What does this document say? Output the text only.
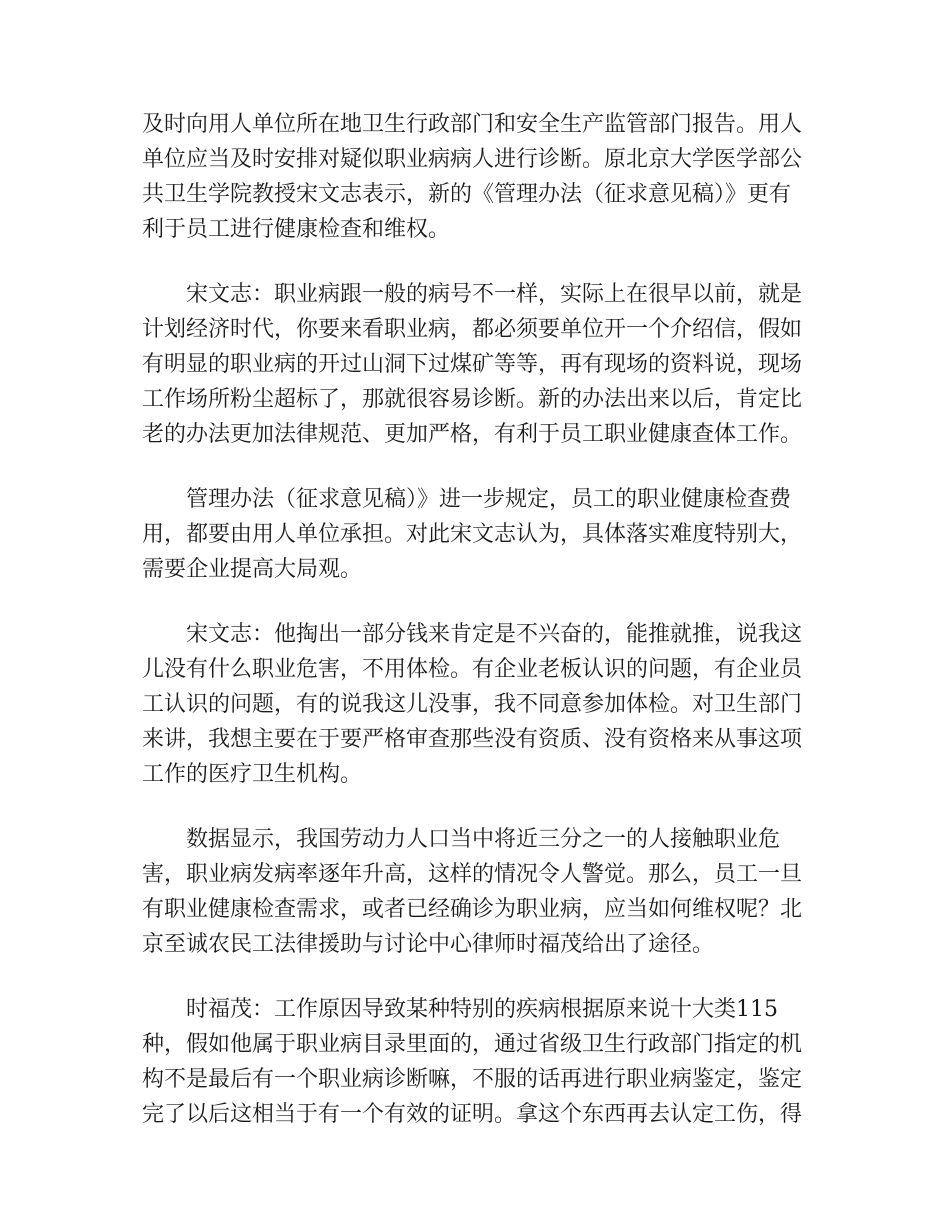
及时向用人单位所在地卫生行政部门和安全生产监管部门报告。用人
单位应当及时安排对疑似职业病病人进行诊断。原北京大学医学部公
共卫生学院教授宋文志表示，新的《管理办法（征求意见稿）》更有
利于员工进行健康检查和维权。
宋文志：职业病跟一般的病号不一样，实际上在很早以前，就是
计划经济时代，你要来看职业病，都必须要单位开一个介绍信，假如
有明显的职业病的开过山洞下过煤矿等等，再有现场的资料说，现场
工作场所粉尘超标了，那就很容易诊断。新的办法出来以后，肯定比
老的办法更加法律规范、更加严格，有利于员工职业健康查体工作。
管理办法（征求意见稿）》进一步规定，员工的职业健康检查费
用，都要由用人单位承担。对此宋文志认为，具体落实难度特别大，
需要企业提高大局观。
宋文志：他掏出一部分钱来肯定是不兴奋的，能推就推，说我这
儿没有什么职业危害，不用体检。有企业老板认识的问题，有企业员
工认识的问题，有的说我这儿没事，我不同意参加体检。对卫生部门
来讲，我想主要在于要严格审查那些没有资质、没有资格来从事这项
工作的医疗卫生机构。
数据显示，我国劳动力人口当中将近三分之一的人接触职业危
害，职业病发病率逐年升高，这样的情况令人警觉。那么，员工一旦
有职业健康检查需求，或者已经确诊为职业病，应当如何维权呢？北
京至诚农民工法律援助与讨论中心律师时福茂给出了途径。
时福茂：工作原因导致某种特别的疾病根据原来说十大类115
种，假如他属于职业病目录里面的，通过省级卫生行政部门指定的机
构不是最后有一个职业病诊断嘛，不服的话再进行职业病鉴定，鉴定
完了以后这相当于有一个有效的证明。拿这个东西再去认定工伤，得
